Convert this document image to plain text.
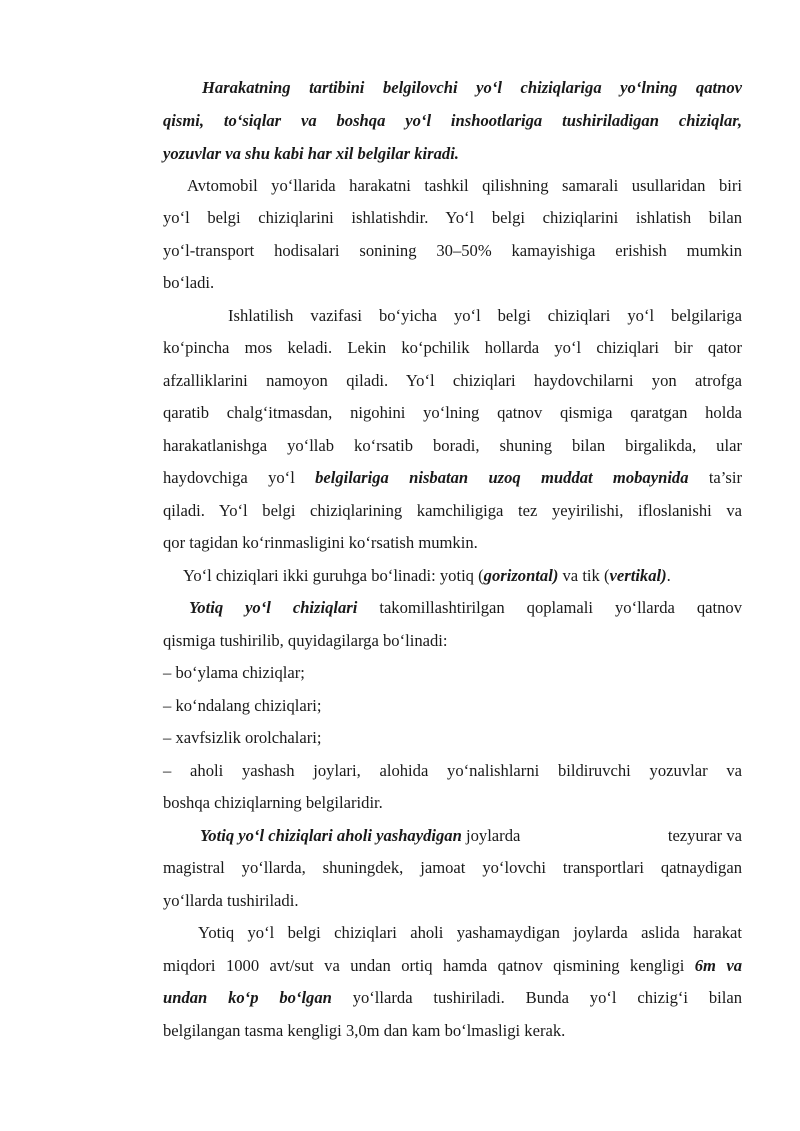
Harakatning tartibini belgilovchi yo‘l chiziqlariga yo‘lning qatnov
qismi, to‘siqlar va boshqa yo‘l inshootlariga tushiriladigan chiziqlar,
yozuvlar va shu kabi har xil belgilar kiradi.
Avtomobil yo‘llarida harakatni tashkil qilishning samarali usullaridan biri
yo‘l belgi chiziqlarini ishlatishdir. Yo‘l belgi chiziqlarini ishlatish bilan
yo‘l-transport hodisalari sonining 30–50% kamayishiga erishish mumkin
bo‘ladi.
Ishlatilish vazifasi bo‘yicha yo‘l belgi chiziqlari yo‘l belgilariga
ko‘pincha mos keladi. Lekin ko‘pchilik hollarda yo‘l chiziqlari bir qator
afzalliklarini namoyon qiladi. Yo‘l chiziqlari haydovchilarni yon atrofga
qaratib chalg‘itmasdan, nigohini yo‘lning qatnov qismiga qaratgan holda
harakatlanishga yo‘llab ko‘rsatib boradi, shuning bilan birgalikda, ular
haydovchiga yo‘l belgilariga nisbatan uzoq muddat mobaynida ta’sir
qiladi. Yo‘l belgi chiziqlarining kamchiligiga tez yeyirilishi, ifloslanishi va
qor tagidan ko‘rinmasligini ko‘rsatish mumkin.
Yo‘l chiziqlari ikki guruhga bo‘linadi: yotiq (gorizontal) va tik (vertikal).
Yotiq yo‘l chiziqlari takomillashtirilgan qoplamali yo‘llarda qatnov
qismiga tushirilib, quyidagilarga bo‘linadi:
– bo‘ylama chiziqlar;
– ko‘ndalang chiziqlari;
– xavfsizlik orolchalari;
– aholi yashash joylari, alohida yo‘nalishlarni bildiruvchi yozuvlar va
boshqa chiziqlarning belgilaridir.
Yotiq yo‘l chiziqlari aholi yashaydigan joylarda	tezyurar va
magistral yo‘llarda, shuningdek, jamoat yo‘lovchi transportlari qatnaydigan
yo‘llarda tushiriladi.
Yotiq yo‘l belgi chiziqlari aholi yashamaydigan joylarda aslida harakat
miqdori 1000 avt/sut va undan ortiq hamda qatnov qismining kengligi 6m va
undan ko‘p bo‘lgan yo‘llarda tushiriladi. Bunda yo‘l chizig‘i bilan
belgilangan tasma kengligi 3,0m dan kam bo‘lmasligi kerak.
